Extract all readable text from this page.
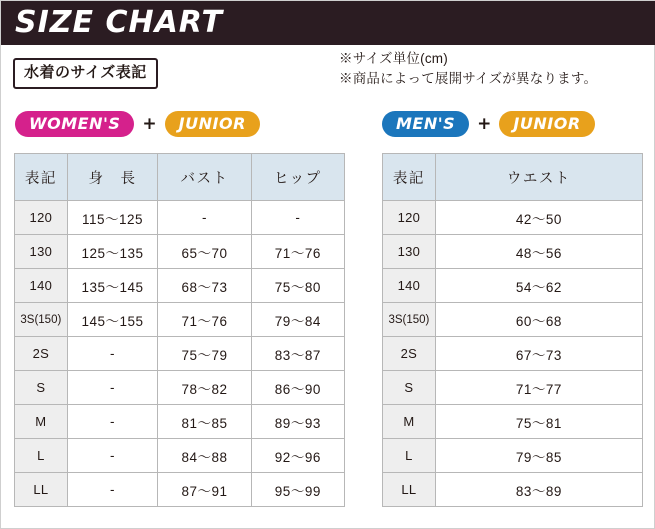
SIZE CHART
水着のサイズ表記
※サイズ単位(cm)
※商品によって展開サイズが異なります。
WOMEN'S	+	JUNIOR	MEN'S	+	JUNIOR
表記	身　長	バスト	ヒップ
120	115〜125	-	-
130	125〜135	65〜70	71〜76
140	135〜145	68〜73	75〜80
3S(150)	145〜155	71〜76	79〜84
2S	-	75〜79	83〜87
S	-	78〜82	86〜90
M	-	81〜85	89〜93
L	-	84〜88	92〜96
LL	-	87〜91	95〜99
表記	ウエスト
120	42〜50
130	48〜56
140	54〜62
3S(150)	60〜68
2S	67〜73
S	71〜77
M	75〜81
L	79〜85
LL	83〜89
